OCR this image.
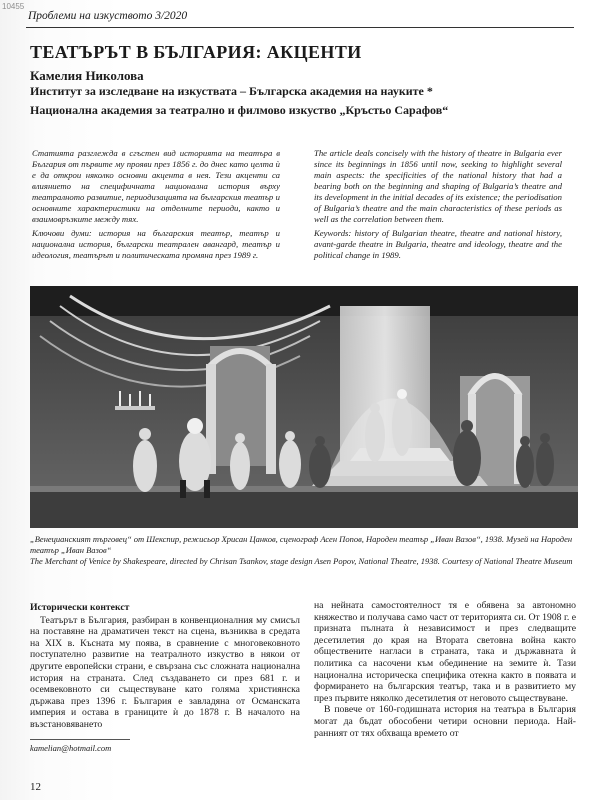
10455
Проблеми на изкуството 3/2020
ТЕАТЪРЪТ В БЪЛГАРИЯ: АКЦЕНТИ
Камелия Николова
Институт за изследване на изкуствата – Българска академия на науките *
Национална академия за театрално и филмово изкуство „Кръстьо Сарафов“

Статията разглежда в сгъстен вид историята на театъра в България от първите му прояви през 1856 г. до днес като целта ѝ е да открои няколко основни акцента в нея. Тези акценти са влиянието на специфичната национална история върху театралното развитие, периодизацията на българския театър и основните характеристики на отделните периоди, както и взаимовръзките между тях.

Ключови думи: история на българския театър, театър и национална история, български театрален авангард, театър и идеология, театърът и политическата промяна през 1989 г.

The article deals concisely with the history of theatre in Bulgaria ever since its beginnings in 1856 until now, seeking to highlight several main aspects: the specificities of the national history that had a bearing both on the beginning and shaping of Bulgaria’s theatre and its development in the initial decades of its existence; the periodisation of Bulgaria’s theatre and the main characteristics of these periods as well as the correlation between them.

Keywords: history of Bulgarian theatre, theatre and national history, avant-garde theatre in Bulgaria, theatre and ideology, theatre and the political change in 1989.

„Венецианският търговец“ от Шекспир, режисьор Хрисан Цанков, сценограф Асен Попов, Народен театър „Иван Вазов“, 1938. Музей на Народен театър „Иван Вазов“

The Merchant of Venice by Shakespeare, directed by Chrisan Tsankov, stage design Asen Popov, National Theatre, 1938. Courtesy of National Theatre Museum

Исторически контекст

Театърът в България, разбиран в конвенционалния му смисъл на поставяне на драматичен текст на сцена, възниква в средата на XIX в. Късната му поява, в сравнение с многовековното поступателно развитие на театралното изкуство в някои от другите европейски страни, е свързана със сложната национална история на страната. След създаването си през 681 г. и осемвековното си съществуване като голяма християнска държава през 1396 г. България е завладяна от Османската империя и остава в границите ѝ до 1878 г. В началото на възстановяването

на нейната самостоятелност тя е обявена за автономно княжество и получава само част от територията си. От 1908 г. е призната пълната ѝ независимост и през следващите десетилетия до края на Втората световна война както обществените нагласи в страната, така и държавната ѝ политика са насочени към обединение на земите ѝ. Тази национална историческа специфика отекна както в появата и формирането на българския театър, така и в развитието му през първите няколко десетилетия от неговото съществуване.

В повече от 160-годишната история на театъра в България могат да бъдат обособени четири основни периода. Най-ранният от тях обхваща времето от

kamelian@hotmail.com
12
